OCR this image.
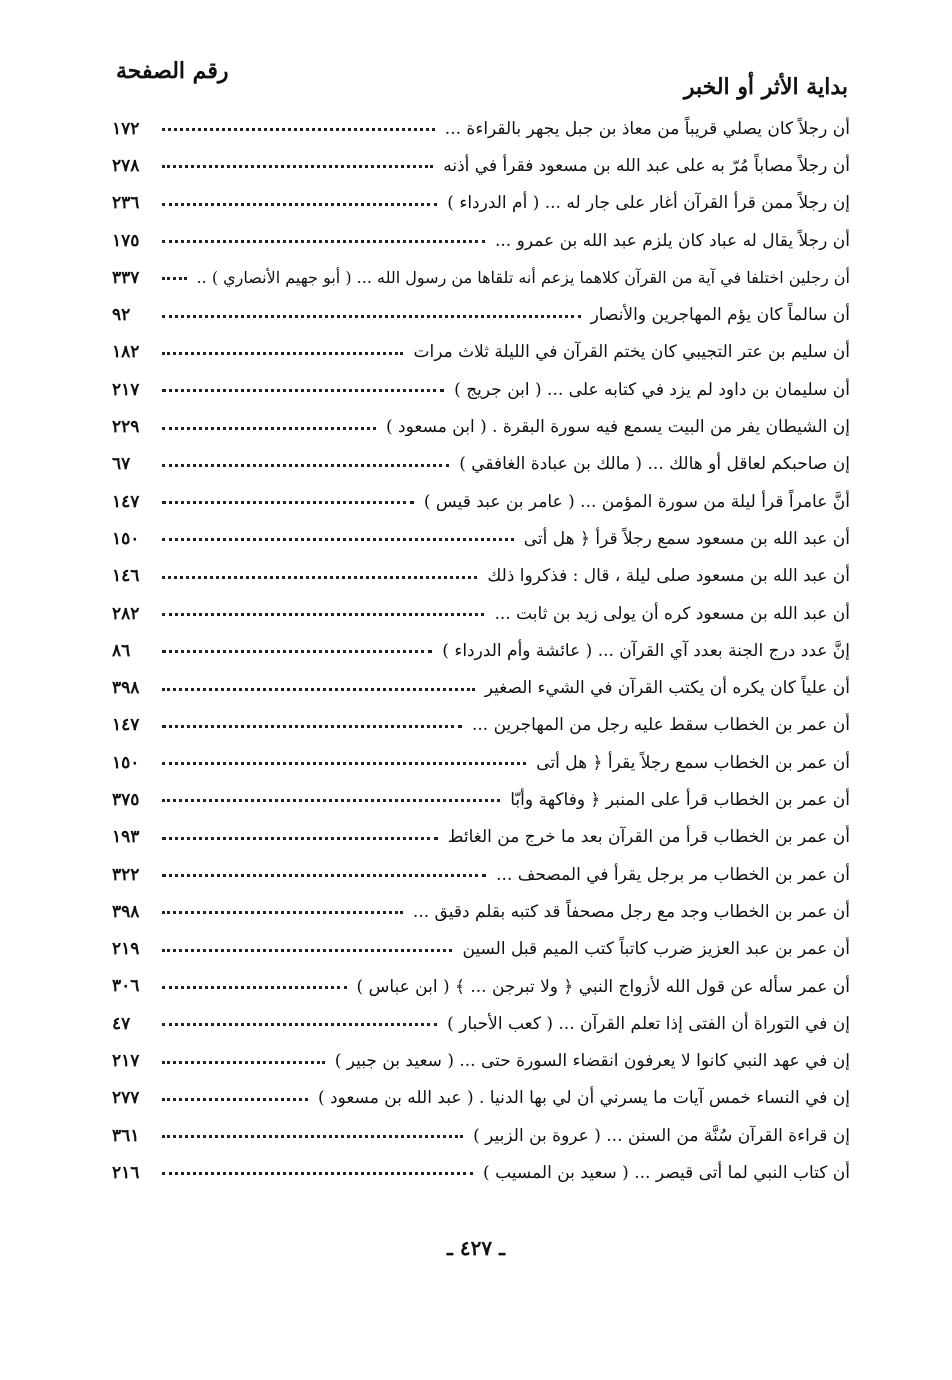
بداية الأثر أو الخبر
رقم الصفحة
أن رجلاً كان يصلي قريباً من معاذ بن جبل يجهر بالقراءة ...
١٧٢
أن رجلاً مصاباً مُرّ به على عبد الله بن مسعود فقرأ في أذنه
٢٧٨
إن رجلاً ممن قرأ القرآن أغار على جار له ... ( أم الدرداء )
٢٣٦
أن رجلاً يقال له عباد كان يلزم عبد الله بن عمرو ...
١٧٥
أن رجلين اختلفا في آية من القرآن كلاهما يزعم أنه تلقاها من رسول الله ... ( أبو جهيم الأنصاري ) ..
٣٣٧
أن سالماً كان يؤم المهاجرين والأنصار
٩٢
أن سليم بن عتر التجيبي كان يختم القرآن في الليلة ثلاث مرات
١٨٢
أن سليمان بن داود لم يزد في كتابه على ... ( ابن جريج )
٢١٧
إن الشيطان يفر من البيت يسمع فيه سورة البقرة . ( ابن مسعود )
٢٢٩
إن صاحبكم لعاقل أو هالك ... ( مالك بن عبادة الغافقي )
٦٧
أنَّ عامراً قرأ ليلة من سورة المؤمن ... ( عامر بن عبد قيس )
١٤٧
أن عبد الله بن مسعود سمع رجلاً قرأ ﴿ هل أتى
١٥٠
أن عبد الله بن مسعود صلى ليلة ، قال : فذكروا ذلك
١٤٦
أن عبد الله بن مسعود كره أن يولى زيد بن ثابت ...
٢٨٢
إنَّ عدد درج الجنة بعدد آي القرآن ... ( عائشة وأم الدرداء )
٨٦
أن علياً كان يكره أن يكتب القرآن في الشيء الصغير
٣٩٨
أن عمر بن الخطاب سقط عليه رجل من المهاجرين ...
١٤٧
أن عمر بن الخطاب سمع رجلاً يقرأ ﴿ هل أتى
١٥٠
أن عمر بن الخطاب قرأ على المنبر ﴿ وفاكهة وأبّا
٣٧٥
أن عمر بن الخطاب قرأ من القرآن بعد ما خرج من الغائط
١٩٣
أن عمر بن الخطاب مر برجل يقرأ في المصحف ...
٣٢٢
أن عمر بن الخطاب وجد مع رجل مصحفاً قد كتبه بقلم دقيق ...
٣٩٨
أن عمر بن عبد العزيز ضرب كاتباً كتب الميم قبل السين
٢١٩
أن عمر سأله عن قول الله لأزواج النبي ﴿ ولا تبرجن ... ﴾ ( ابن عباس )
٣٠٦
إن في التوراة أن الفتى إذا تعلم القرآن ... ( كعب الأحبار )
٤٧
إن في عهد النبي كانوا لا يعرفون انقضاء السورة حتى ... ( سعيد بن جبير )
٢١٧
إن في النساء خمس آيات ما يسرني أن لي بها الدنيا . ( عبد الله بن مسعود )
٢٧٧
إن قراءة القرآن سُنَّة من السنن ... ( عروة بن الزبير )
٣٦١
أن كتاب النبي لما أتى قيصر ... ( سعيد بن المسيب )
٢١٦
ـ ٤٢٧ ـ
